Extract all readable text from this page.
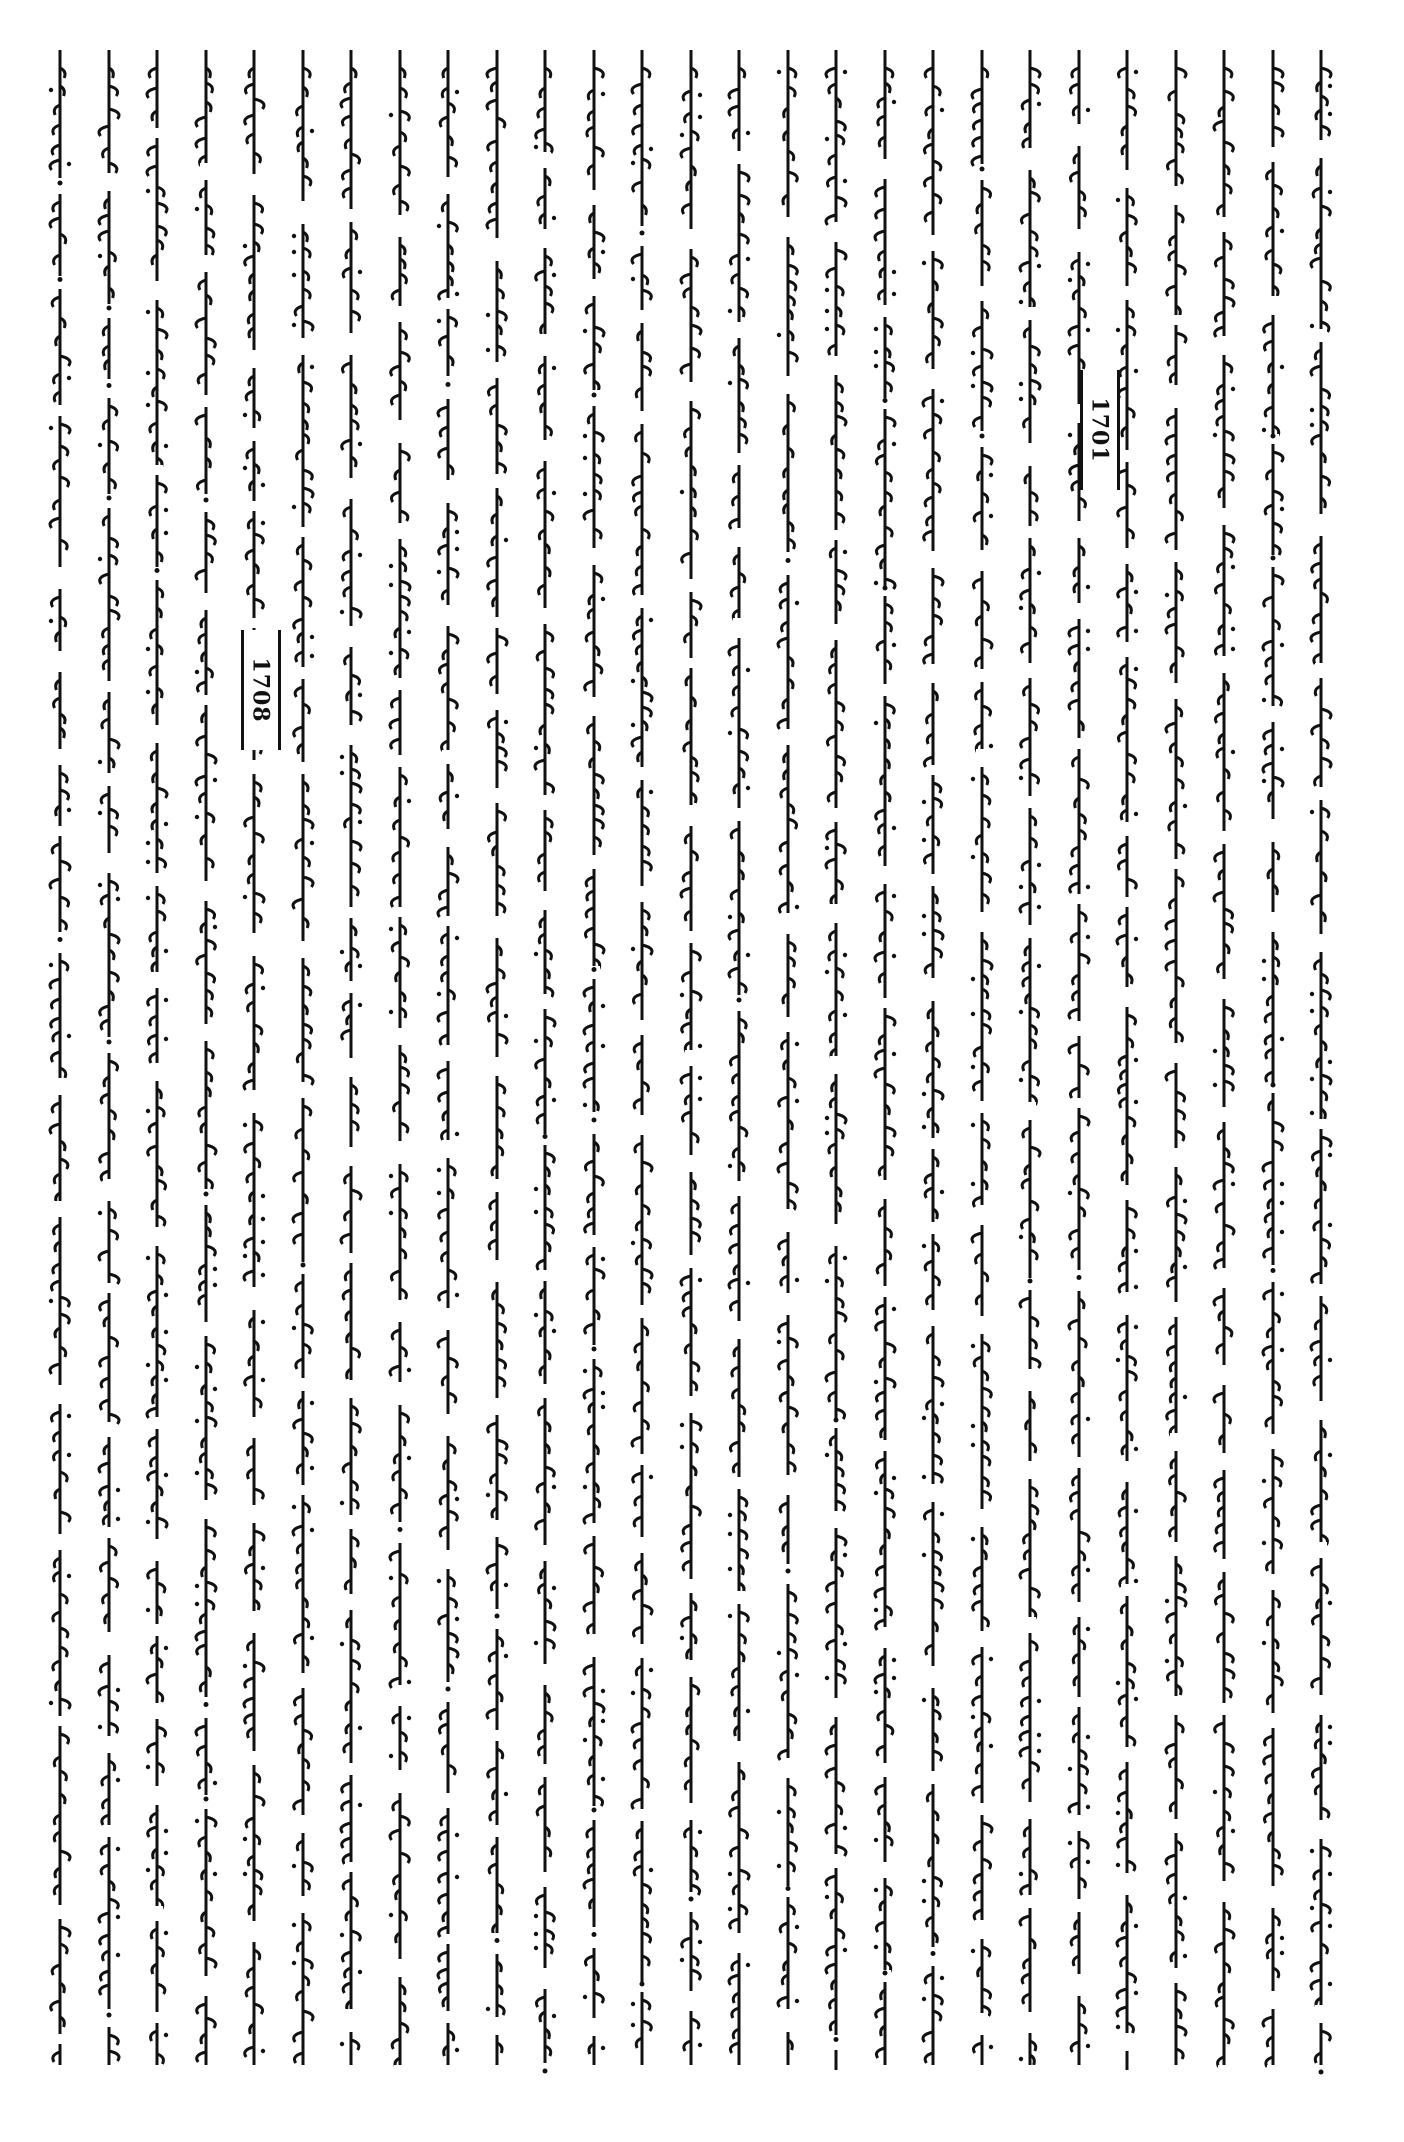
1708
1701
